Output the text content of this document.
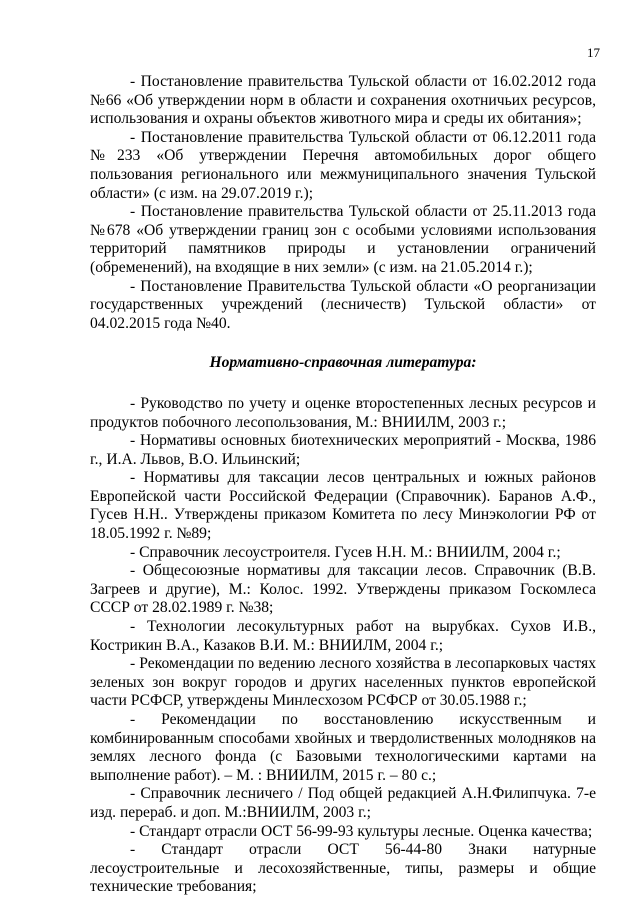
17

- Постановление правительства Тульской области от 16.02.2012 года №66 «Об утверждении норм в области и сохранения охотничьих ресурсов, использования и охраны объектов животного мира и среды их обитания»;

- Постановление правительства Тульской области от 06.12.2011 года №233 «Об утверждении Перечня автомобильных дорог общего пользования регионального или межмуниципального значения Тульской области» (с изм. на 29.07.2019 г.);

- Постановление правительства Тульской области от 25.11.2013 года №678 «Об утверждении границ зон с особыми условиями использования территорий памятников природы и установлении ограничений (обременений), на входящие в них земли» (с изм. на 21.05.2014 г.);

- Постановление Правительства Тульской области «О реорганизации государственных учреждений (лесничеств) Тульской области» от 04.02.2015 года №40.

Нормативно-справочная литература:

- Руководство по учету и оценке второстепенных лесных ресурсов и продуктов побочного лесопользования, М.: ВНИИЛМ, 2003 г.;

- Нормативы основных биотехнических мероприятий - Москва, 1986 г., И.А. Львов, В.О. Ильинский;

- Нормативы для таксации лесов центральных и южных районов Европейской части Российской Федерации (Справочник). Баранов А.Ф., Гусев Н.Н.. Утверждены приказом Комитета по лесу Минэкологии РФ от 18.05.1992 г. №89;

- Справочник лесоустроителя. Гусев Н.Н. М.: ВНИИЛМ, 2004 г.;

- Общесоюзные нормативы для таксации лесов. Справочник (В.В. Загреев и другие), М.: Колос. 1992. Утверждены приказом Госкомлеса СССР от 28.02.1989 г. №38;

- Технологии лесокультурных работ на вырубках. Сухов И.В., Кострикин В.А., Казаков В.И. М.: ВНИИЛМ, 2004 г.;

- Рекомендации по ведению лесного хозяйства в лесопарковых частях зеленых зон вокруг городов и других населенных пунктов европейской части РСФСР, утверждены Минлесхозом РСФСР от 30.05.1988 г.;

- Рекомендации по восстановлению искусственным и комбинированным способами хвойных и твердолиственных молодняков на землях лесного фонда (с Базовыми технологическими картами на выполнение работ). – М. : ВНИИЛМ, 2015 г. – 80 с.;

- Справочник лесничего / Под общей редакцией А.Н.Филипчука. 7-е изд. перераб. и доп. М.:ВНИИЛМ, 2003 г.;

- Стандарт отрасли ОСТ 56-99-93 культуры лесные. Оценка качества;

- Стандарт отрасли ОСТ 56-44-80 Знаки натурные лесоустроительные и лесохозяйственные, типы, размеры и общие технические требования;
